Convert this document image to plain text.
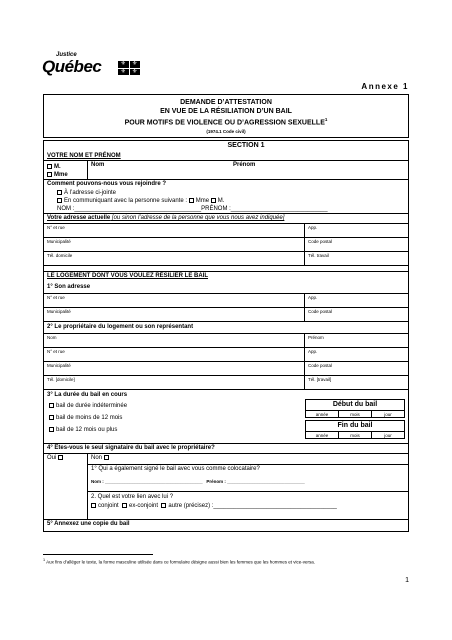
Justice
Québec	⚜	⚜
⚜	⚜
Annexe 1
DEMANDE D’ATTESTATION
EN VUE DE LA RÉSILIATION D’UN BAIL
POUR MOTIFS DE VIOLENCE OU D’AGRESSION SEXUELLE$^1$
(1974.1 Code civil)
SECTION 1
VOTRE NOM ET PRÉNOM
M.
Mme
Nom	Prénom
Comment pouvons-nous vous rejoindre ?
À l’adresse ci-jointe
En communiquant avec la personne suivante : Mme M.
NOM :______________________________________PRÉNOM :_____________________________
Votre adresse actuelle [ou sinon l’adresse de la personne que vous nous avez indiquée]
N° et rue	App.
Municipalité	Code postal
Tél. domicile	Tél. travail
LE LOGEMENT DONT VOUS VOULEZ RÉSILIER LE BAIL
1° Son adresse
N° et rue	App.
Municipalité	Code postal
2° Le propriétaire du logement ou son représentant
Nom	Prénom
N° et rue	App.
Municipalité	Code postal
Tél. [domicile]	Tél. [travail]
3° La durée du bail en cours
bail de durée indéterminée
bail de moins de 12 mois
bail de 12 mois ou plus
Début du bail
année	mois	jour
Fin du bail
année	mois	jour
4° Êtes-vous le seul signataire du bail avec le propriétaire?
Oui	Non
1° Qui a également signé le bail avec vous comme colocataire?
Nom : _______________________________________ Prénom : _______________________________
2. Quel est votre lien avec lui ?
conjoint ex-conjoint autre (précisez) :_____________________________________
5° Annexez une copie du bail
$^1$ Aux fins d’alléger le texte, la forme masculine utilisée dans ce formulaire désigne aussi bien les femmes que les hommes et vice-versa.
1
